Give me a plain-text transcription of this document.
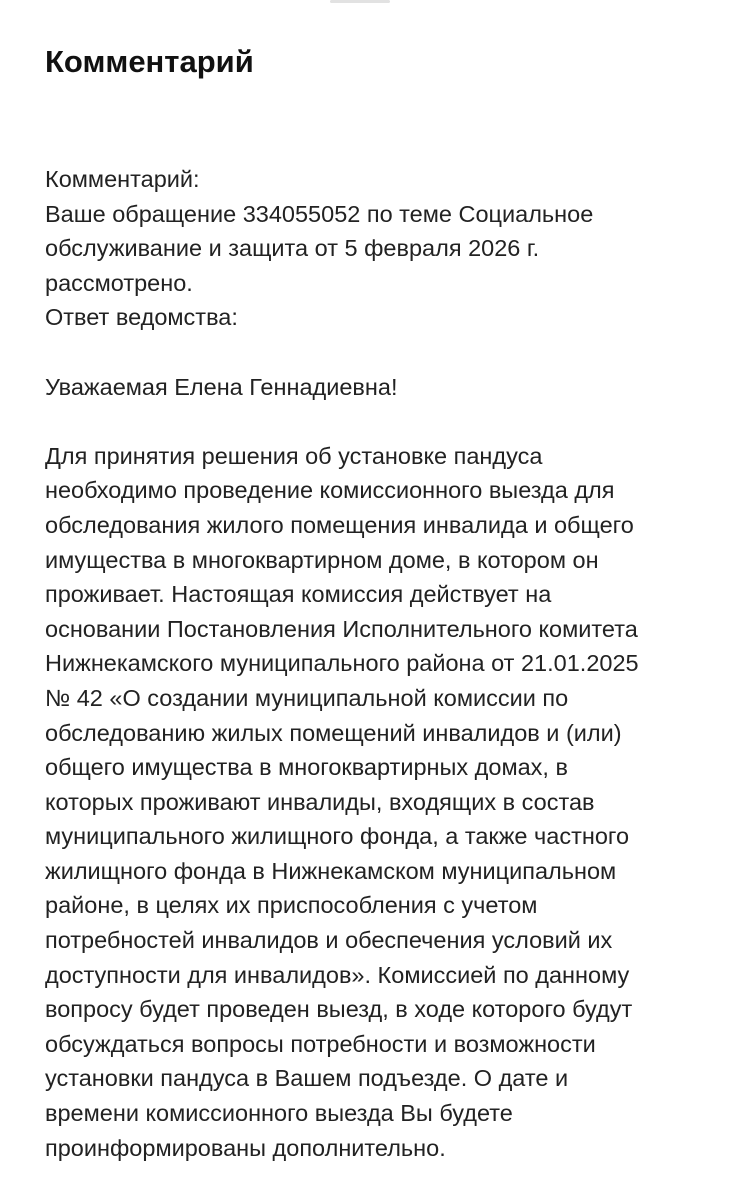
Комментарий
Комментарий:
Ваше обращение 334055052 по теме Социальное
обслуживание и защита от 5 февраля 2026 г.
рассмотрено.
Ответ ведомства:
Уважаемая Елена Геннадиевна!
Для принятия решения об установке пандуса
необходимо проведение комиссионного выезда для
обследования жилого помещения инвалида и общего
имущества в многоквартирном доме, в котором он
проживает. Настоящая комиссия действует на
основании Постановления Исполнительного комитета
Нижнекамского муниципального района от 21.01.2025
№ 42 «О создании муниципальной комиссии по
обследованию жилых помещений инвалидов и (или)
общего имущества в многоквартирных домах, в
которых проживают инвалиды, входящих в состав
муниципального жилищного фонда, а также частного
жилищного фонда в Нижнекамском муниципальном
районе, в целях их приспособления с учетом
потребностей инвалидов и обеспечения условий их
доступности для инвалидов». Комиссией по данному
вопросу будет проведен выезд, в ходе которого будут
обсуждаться вопросы потребности и возможности
установки пандуса в Вашем подъезде. О дате и
времени комиссионного выезда Вы будете
проинформированы дополнительно.
